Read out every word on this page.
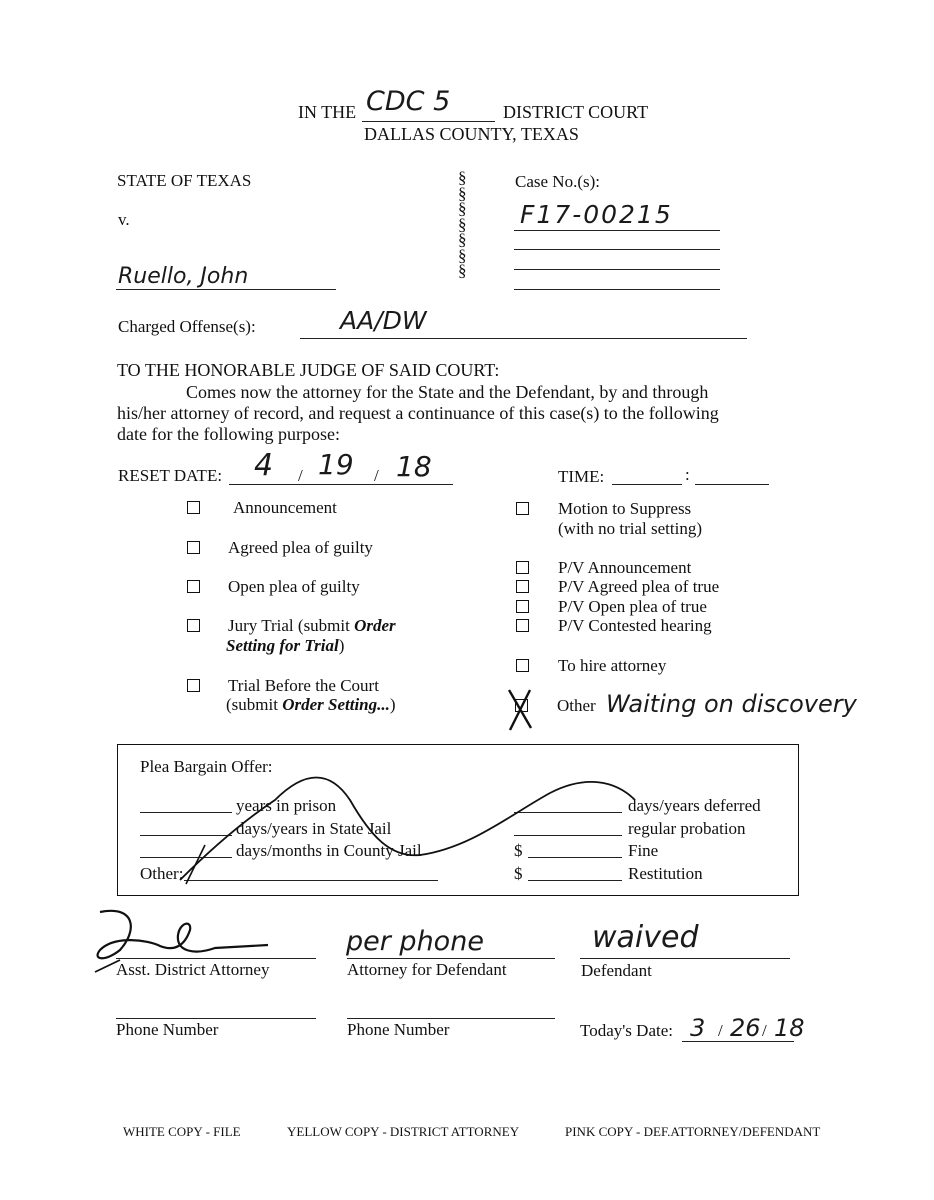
IN THE CDC 5	DISTRICT COURT
DALLAS COUNTY, TEXAS
STATE OF TEXAS
v.
Ruello, John
§
§
§
§
§
§
§
Case No.(s):
F17-00215
Charged Offense(s):	AA/DW
TO THE HONORABLE JUDGE OF SAID COURT:
Comes now the attorney for the State and the Defendant, by and through
his/her attorney of record, and request a continuance of this case(s) to the following
date for the following purpose:
RESET DATE: 4 / 19 / 18	TIME:	:
Announcement
Agreed plea of guilty
Open plea of guilty
Jury Trial (submit Order
Setting for Trial)
Trial Before the Court
(submit Order Setting...)
Motion to Suppress
(with no trial setting)
P/V Announcement
P/V Agreed plea of true
P/V Open plea of true
P/V Contested hearing
To hire attorney
Other Waiting on discovery
Plea Bargain Offer:
years in prison
days/years in State Jail
days/months in County Jail
Other:
days/years deferred
regular probation
$	Fine
$	Restitution
Asst. District Attorney
per phone
Attorney for Defendant
waived
Defendant
Phone Number	Phone Number	Today's Date: 3 / 26 / 18
WHITE COPY - FILE	YELLOW COPY - DISTRICT ATTORNEY	PINK COPY - DEF.ATTORNEY/DEFENDANT
